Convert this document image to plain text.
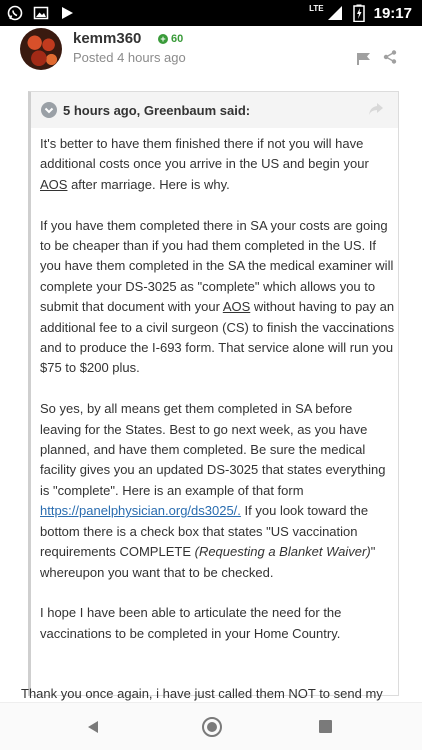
LTE	19:17
kemm360 + 60
Posted 4 hours ago
5 hours ago, Greenbaum said:

It's better to have them finished there if not you will have additional costs once you arrive in the US and begin your AOS after marriage. Here is why.

If you have them completed there in SA your costs are going to be cheaper than if you had them completed in the US. If you have them completed in the SA the medical examiner will complete your DS-3025 as "complete" which allows you to submit that document with your AOS without having to pay an additional fee to a civil surgeon (CS) to finish the vaccinations and to produce the I-693 form. That service alone will run you $75 to $200 plus.

So yes, by all means get them completed in SA before leaving for the States. Best to go next week, as you have planned, and have them completed. Be sure the medical facility gives you an updated DS-3025 that states everything is "complete". Here is an example of that form https://panelphysician.org/ds3025/. If you look toward the bottom there is a check box that states "US vaccination requirements COMPLETE (Requesting a Blanket Waiver)" whereupon you want that to be checked.

I hope I have been able to articulate the need for the vaccinations to be completed in your Home Country.

Thank you once again, i have just called them NOT to send my
